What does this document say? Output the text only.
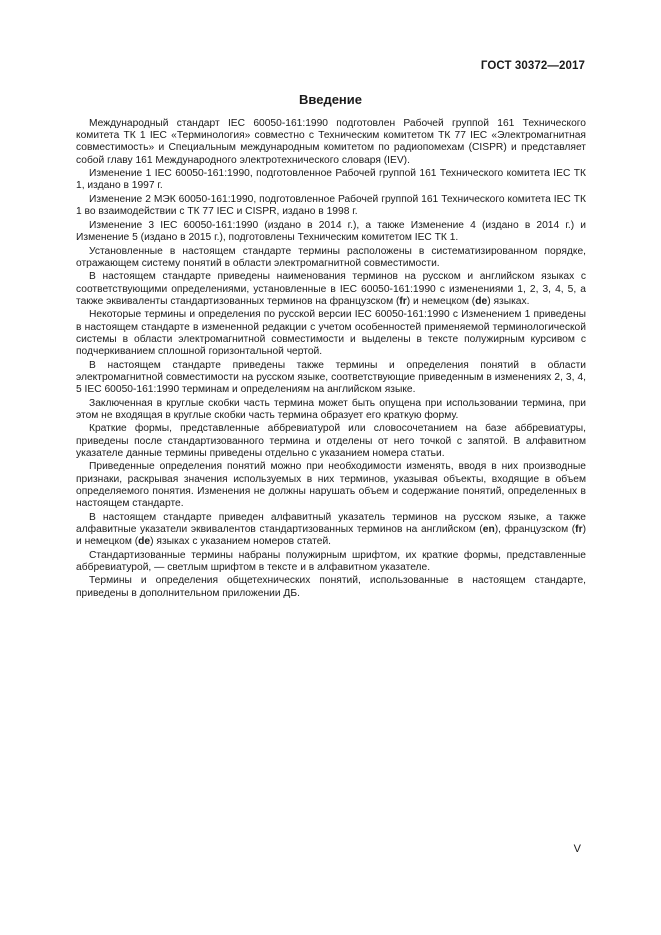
ГОСТ 30372—2017
Введение

Международный стандарт IEC 60050-161:1990 подготовлен Рабочей группой 161 Технического комитета ТК 1 IEC «Терминология» совместно с Техническим комитетом ТК 77 IEC «Электромагнитная совместимость» и Специальным международным комитетом по радиопомехам (CISPR) и представляет собой главу 161 Международного электротехнического словаря (IEV).

Изменение 1 IEC 60050-161:1990, подготовленное Рабочей группой 161 Технического комитета IEC ТК 1, издано в 1997 г.

Изменение 2 МЭК 60050-161:1990, подготовленное Рабочей группой 161 Технического комитета IEC ТК 1 во взаимодействии с ТК 77 IEC и CISPR, издано в 1998 г.

Изменение 3 IEC 60050-161:1990 (издано в 2014 г.), а также Изменение 4 (издано в 2014 г.) и Изменение 5 (издано в 2015 г.), подготовлены Техническим комитетом IEC ТК 1.

Установленные в настоящем стандарте термины расположены в систематизированном порядке, отражающем систему понятий в области электромагнитной совместимости.

В настоящем стандарте приведены наименования терминов на русском и английском языках с соответствующими определениями, установленные в IEC 60050-161:1990 с изменениями 1, 2, 3, 4, 5, а также эквиваленты стандартизованных терминов на французском (fr) и немецком (de) языках.

Некоторые термины и определения по русской версии IEC 60050-161:1990 с Изменением 1 приведены в настоящем стандарте в измененной редакции с учетом особенностей применяемой терминологической системы в области электромагнитной совместимости и выделены в тексте полужирным курсивом с подчеркиванием сплошной горизонтальной чертой.

В настоящем стандарте приведены также термины и определения понятий в области электромагнитной совместимости на русском языке, соответствующие приведенным в изменениях 2, 3, 4, 5 IEC 60050-161:1990 терминам и определениям на английском языке.

Заключенная в круглые скобки часть термина может быть опущена при использовании термина, при этом не входящая в круглые скобки часть термина образует его краткую форму.

Краткие формы, представленные аббревиатурой или словосочетанием на базе аббревиатуры, приведены после стандартизованного термина и отделены от него точкой с запятой. В алфавитном указателе данные термины приведены отдельно с указанием номера статьи.

Приведенные определения понятий можно при необходимости изменять, вводя в них производные признаки, раскрывая значения используемых в них терминов, указывая объекты, входящие в объем определяемого понятия. Изменения не должны нарушать объем и содержание понятий, определенных в настоящем стандарте.

В настоящем стандарте приведен алфавитный указатель терминов на русском языке, а также алфавитные указатели эквивалентов стандартизованных терминов на английском (en), французском (fr) и немецком (de) языках с указанием номеров статей.

Стандартизованные термины набраны полужирным шрифтом, их краткие формы, представленные аббревиатурой, — светлым шрифтом в тексте и в алфавитном указателе.

Термины и определения общетехнических понятий, использованные в настоящем стандарте, приведены в дополнительном приложении ДБ.

V
